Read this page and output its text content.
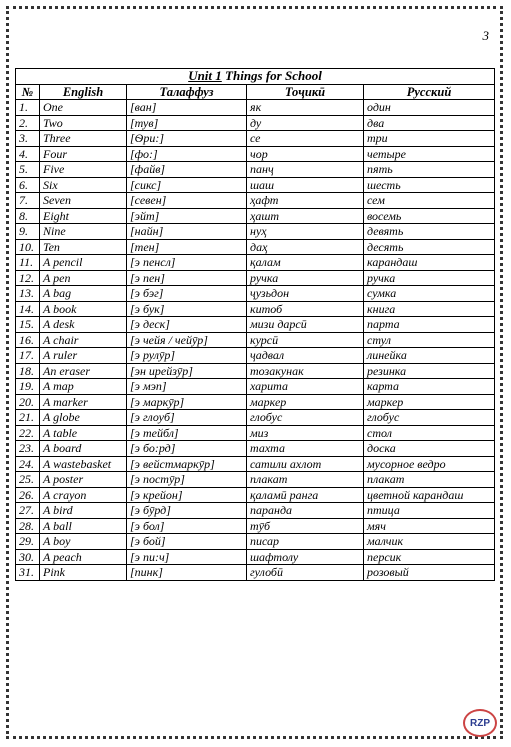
3
Unit 1 Things for School				
№	English	Талаффуз	Тоҷикӣ	Русский
1.	One	[ван]	як	один
2.	Two	[тув]	ду	два
3.	Three	[Ѳри:]	се	три
4.	Four	[фо:]	чор	четыре
5.	Five	[файв]	панҷ	пять
6.	Six	[сикс]	шаш	шесть
7.	Seven	[севен]	ҳафт	сем
8.	Eight	[эйт]	ҳашт	восемь
9.	Nine	[найн]	нуҳ	девять
10.	Ten	[тен]	даҳ	десять
11.	A pencil	[э пенсл]	қалам	карандаш
12.	A pen	[э пен]	ручка	ручка
13.	A bag	[э бэг]	ҷузьдон	сумка
14.	A book	[э бук]	китоб	книга
15.	A desk	[э деск]	мизи дарсӣ	парта
16.	A chair	[э чейя / чейӯр]	курсӣ	стул
17.	A ruler	[э рулӯр]	ҷадвал	линейка
18.	An eraser	[эн ирейзӯр]	тозакунак	резинка
19.	A map	[э мэп]	харита	карта
20.	A marker	[э маркӯр]	маркер	маркер
21.	A globe	[э глоуб]	глобус	глобус
22.	A table	[э тейбл]	миз	стол
23.	A board	[э бо:рд]	тахта	доска
24.	A wastebasket	[э вейстмаркӯр]	сатили ахлот	мусорное ведро
25.	A poster	[э постӯр]	плакат	плакат
26.	A crayon	[э крейон]	қаламӣ ранга	цветной карандаш
27.	A bird	[э бӯрд]	паранда	птица
28.	A ball	[э бол]	тӯб	мяч
29.	A boy	[э бой]	писар	малчик
30.	A peach	[э пи:ч]	шафтолу	персик
31.	Pink	[пинк]	гулобӣ	розовый
RZP
